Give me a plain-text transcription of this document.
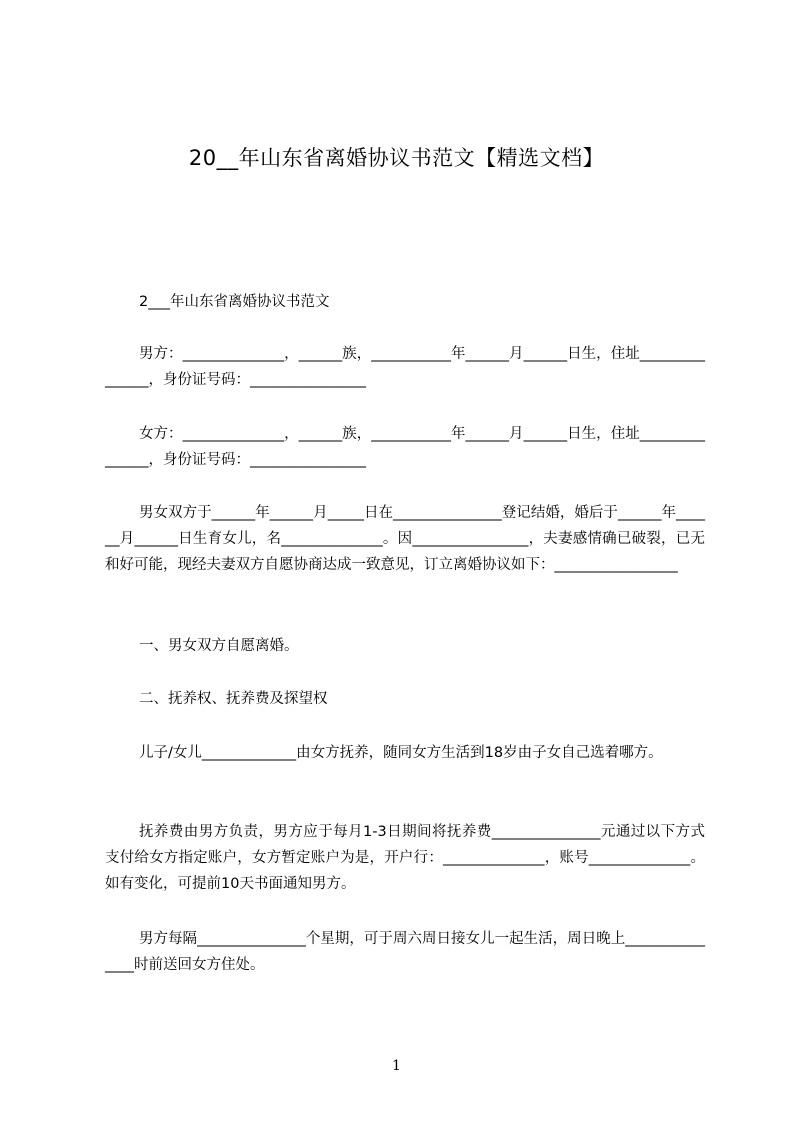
20__年山东省离婚协议书范文【精选文档】
2___年山东省离婚协议书范文
男方：______________，______族，___________年______月______日生，住址_______________，身份证号码：________________
女方：______________，______族，___________年______月______日生，住址_______________，身份证号码：________________
男女双方于______年______月_____日在_______________登记结婚，婚后于______年______月______日生育女儿，名______________。因________________，夫妻感情确已破裂，已无和好可能，现经夫妻双方自愿协商达成一致意见，订立离婚协议如下：_________________
一、男女双方自愿离婚。
二、抚养权、抚养费及探望权
儿子/女儿_____________由女方抚养，随同女方生活到18岁由子女自己选着哪方。
抚养费由男方负责，男方应于每月1-3日期间将抚养费_______________元通过以下方式支付给女方指定账户，女方暂定账户为是，开户行：______________，账号______________。如有变化，可提前10天书面通知男方。
男方每隔_______________个星期，可于周六周日接女儿一起生活，周日晚上_______________时前送回女方住处。
1
